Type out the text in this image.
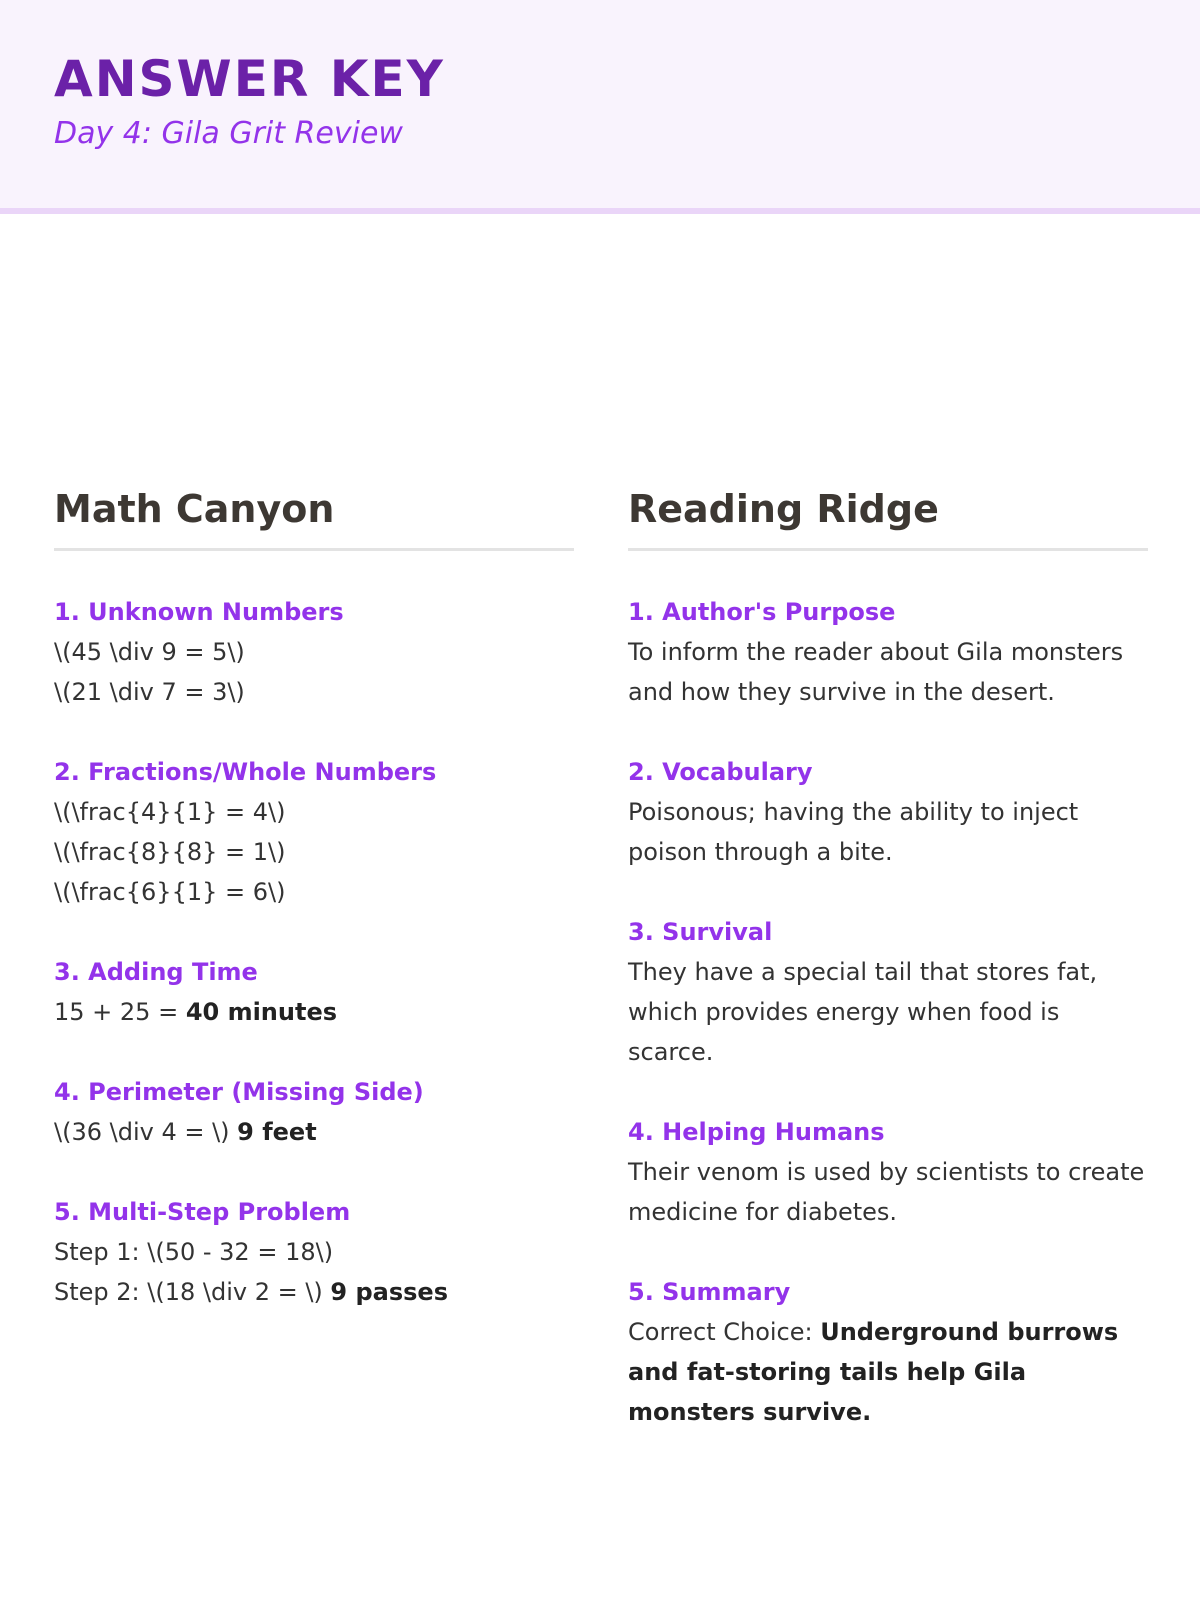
ANSWER KEY

Day 4: Gila Grit Review

Math Canyon
1. Unknown Numbers
\(45 \div 9 = 5\)
\(21 \div 7 = 3\)
2. Fractions/Whole Numbers
\(\frac{4}{1} = 4\)
\(\frac{8}{8} = 1\)
\(\frac{6}{1} = 6\)
3. Adding Time
15 + 25 = 40 minutes
4. Perimeter (Missing Side)
\(36 \div 4 = \) 9 feet
5. Multi-Step Problem
Step 1: \(50 - 32 = 18\)
Step 2: \(18 \div 2 = \) 9 passes
Reading Ridge
1. Author's Purpose

To inform the reader about Gila monsters and how they survive in the desert.

2. Vocabulary

Poisonous; having the ability to inject poison through a bite.

3. Survival

They have a special tail that stores fat, which provides energy when food is scarce.

4. Helping Humans

Their venom is used by scientists to create medicine for diabetes.

5. Summary

Correct Choice: Underground burrows and fat-storing tails help Gila monsters survive.
